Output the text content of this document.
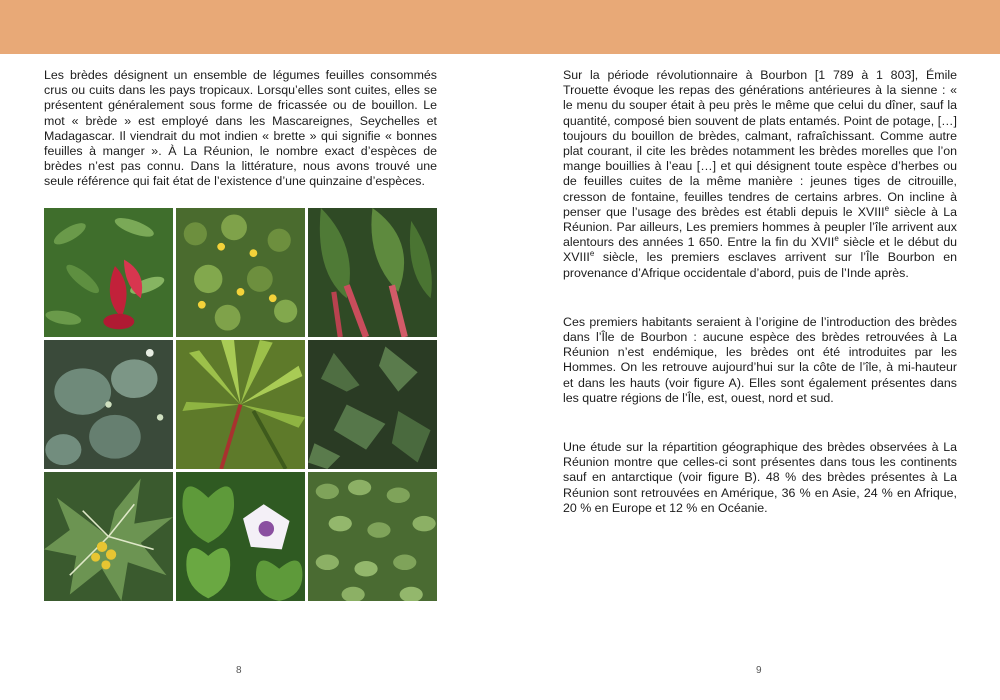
Les brèdes désignent un ensemble de légumes feuilles consommés crus ou cuits dans les pays tropicaux. Lorsqu’elles sont cuites, elles se présentent généralement sous forme de fricassée ou de bouillon. Le mot « brède » est employé dans les Mascareignes, Seychelles et Madagascar. Il viendrait du mot indien « brette » qui signifie « bonnes feuilles à manger ». À La Réunion, le nombre exact d’espèces de brèdes n’est pas connu. Dans la littérature, nous avons trouvé une seule référence qui fait état de l’existence d’une quinzaine d’espèces.

Sur la période révolutionnaire à Bourbon [1 789 à 1 803], Émile Trouette évoque les repas des générations antérieures à la sienne : « le menu du souper était à peu près le même que celui du dîner, sauf la quantité, composé bien souvent de plats entamés. Point de potage, […] toujours du bouillon de brèdes, calmant, rafraîchissant. Comme autre plat courant, il cite les brèdes notamment les brèdes morelles que l’on mange bouillies à l’eau […] et qui désignent toute espèce d’herbes ou de feuilles cuites de la même manière : jeunes tiges de citrouille, cresson de fontaine, feuilles tendres de certains arbres. On incline à penser que l’usage des brèdes est établi depuis le XVIIIe siècle à La Réunion. Par ailleurs, Les premiers hommes à peupler l’île arrivent aux alentours des années 1 650. Entre la fin du XVIIe siècle et le début du XVIIIe siècle, les premiers esclaves arrivent sur l’Île Bourbon en provenance d’Afrique occidentale d’abord, puis de l’Inde après.

Ces premiers habitants seraient à l’origine de l’introduction des brèdes dans l’Île de Bourbon : aucune espèce des brèdes retrouvées à La Réunion n’est endémique, les brèdes ont été introduites par les Hommes. On les retrouve aujourd’hui sur la côte de l’île, à mi-hauteur et dans les hauts (voir figure A). Elles sont également présentes dans les quatre régions de l’Île, est, ouest, nord et sud.

Une étude sur la répartition géographique des brèdes observées à La Réunion montre que celles-ci sont présentes dans tous les continents sauf en antarctique (voir figure B). 48 % des brèdes présentes à La Réunion sont retrouvées en Amérique, 36 % en Asie, 24 % en Afrique, 20 % en Europe et 12 % en Océanie.

8	9
